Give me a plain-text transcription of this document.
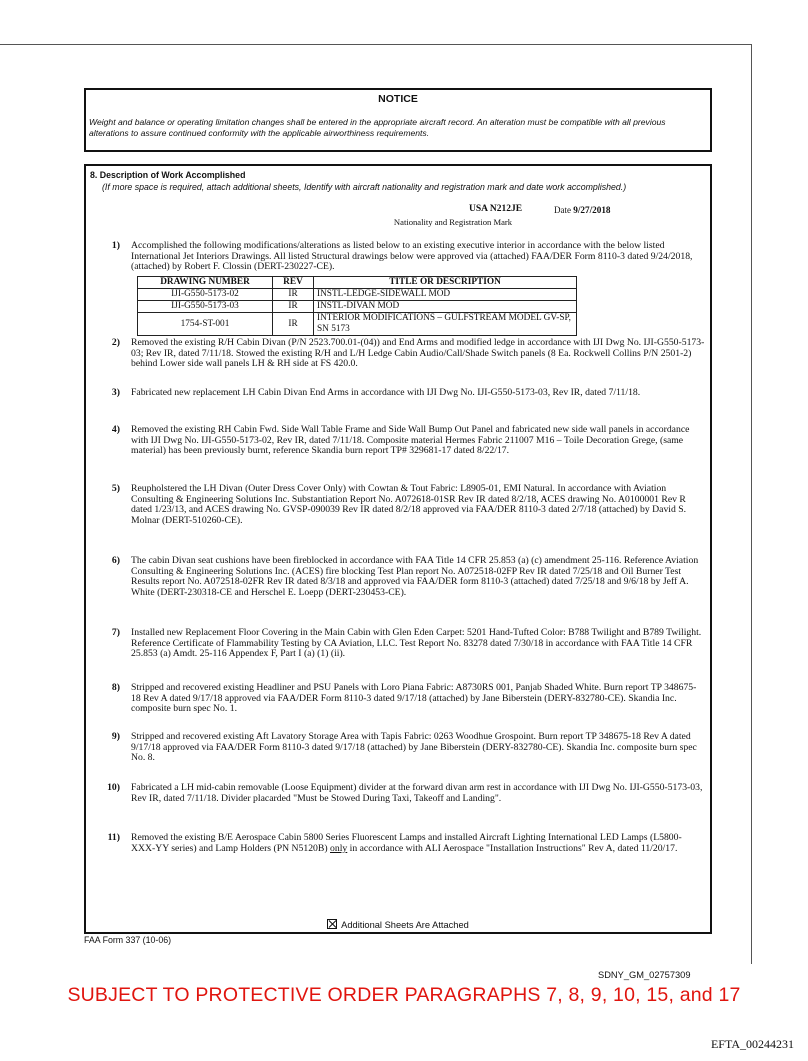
NOTICE
Weight and balance or operating limitation changes shall be entered in the appropriate aircraft record. An alteration must be compatible with all previous alterations to assure continued conformity with the applicable airworthiness requirements.
8. Description of Work Accomplished
(If more space is required, attach additional sheets, Identify with aircraft nationality and registration mark and date work accomplished.)
USA N212JE	Date 9/27/2018
Nationality and Registration Mark
1) Accomplished the following modifications/alterations as listed below to an existing executive interior in accordance with the below listed International Jet Interiors Drawings. All listed Structural drawings below were approved via (attached) FAA/DER Form 8110-3 dated 9/24/2018, (attached) by Robert F. Clossin (DERT-230227-CE).
DRAWING NUMBER	REV	TITLE OR DESCRIPTION
IJI-G550-5173-02	IR	INSTL-LEDGE-SIDEWALL MOD
IJI-G550-5173-03	IR	INSTL-DIVAN MOD
1754-ST-001	IR	INTERIOR MODIFICATIONS – GULFSTREAM MODEL GV-SP, SN 5173
2) Removed the existing R/H Cabin Divan (P/N 2523.700.01-(04)) and End Arms and modified ledge in accordance with IJI Dwg No. IJI-G550-5173-03; Rev IR, dated 7/11/18. Stowed the existing R/H and L/H Ledge Cabin Audio/Call/Shade Switch panels (8 Ea. Rockwell Collins P/N 2501-2) behind Lower side wall panels LH & RH side at FS 420.0.
3) Fabricated new replacement LH Cabin Divan End Arms in accordance with IJI Dwg No. IJI-G550-5173-03, Rev IR, dated 7/11/18.
4) Removed the existing RH Cabin Fwd. Side Wall Table Frame and Side Wall Bump Out Panel and fabricated new side wall panels in accordance with IJI Dwg No. IJI-G550-5173-02, Rev IR, dated 7/11/18. Composite material Hermes Fabric 211007 M16 – Toile Decoration Grege, (same material) has been previously burnt, reference Skandia burn report TP# 329681-17 dated 8/22/17.
5) Reupholstered the LH Divan (Outer Dress Cover Only) with Cowtan & Tout Fabric: L8905-01, EMI Natural. In accordance with Aviation Consulting & Engineering Solutions Inc. Substantiation Report No. A072618-01SR Rev IR dated 8/2/18, ACES drawing No. A0100001 Rev R dated 1/23/13, and ACES drawing No. GVSP-090039 Rev IR dated 8/2/18 approved via FAA/DER 8110-3 dated 2/7/18 (attached) by David S. Molnar (DERT-510260-CE).
6) The cabin Divan seat cushions have been fireblocked in accordance with FAA Title 14 CFR 25.853 (a) (c) amendment 25-116. Reference Aviation Consulting & Engineering Solutions Inc. (ACES) fire blocking Test Plan report No. A072518-02FP Rev IR dated 7/25/18 and Oil Burner Test Results report No. A072518-02FR Rev IR dated 8/3/18 and approved via FAA/DER form 8110-3 (attached) dated 7/25/18 and 9/6/18 by Jeff A. White (DERT-230318-CE and Herschel E. Loepp (DERT-230453-CE).
7) Installed new Replacement Floor Covering in the Main Cabin with Glen Eden Carpet: 5201 Hand-Tufted Color: B788 Twilight and B789 Twilight. Reference Certificate of Flammability Testing by CA Aviation, LLC. Test Report No. 83278 dated 7/30/18 in accordance with FAA Title 14 CFR 25.853 (a) Amdt. 25-116 Appendex F, Part I (a) (1) (ii).
8) Stripped and recovered existing Headliner and PSU Panels with Loro Piana Fabric: A8730RS 001, Panjab Shaded White. Burn report TP 348675-18 Rev A dated 9/17/18 approved via FAA/DER Form 8110-3 dated 9/17/18 (attached) by Jane Biberstein (DERY-832780-CE). Skandia Inc. composite burn spec No. 1.
9) Stripped and recovered existing Aft Lavatory Storage Area with Tapis Fabric: 0263 Woodhue Grospoint. Burn report TP 348675-18 Rev A dated 9/17/18 approved via FAA/DER Form 8110-3 dated 9/17/18 (attached) by Jane Biberstein (DERY-832780-CE). Skandia Inc. composite burn spec No. 8.
10) Fabricated a LH mid-cabin removable (Loose Equipment) divider at the forward divan arm rest in accordance with IJI Dwg No. IJI-G550-5173-03, Rev IR, dated 7/11/18. Divider placarded "Must be Stowed During Taxi, Takeoff and Landing".
11) Removed the existing B/E Aerospace Cabin 5800 Series Fluorescent Lamps and installed Aircraft Lighting International LED Lamps (L5800-XXX-YY series) and Lamp Holders (PN N5120B) only in accordance with ALI Aerospace "Installation Instructions" Rev A, dated 11/20/17.
Additional Sheets Are Attached
FAA Form 337 (10-06)
SDNY_GM_02757309
SUBJECT TO PROTECTIVE ORDER PARAGRAPHS 7, 8, 9, 10, 15, and 17
EFTA_00244231
